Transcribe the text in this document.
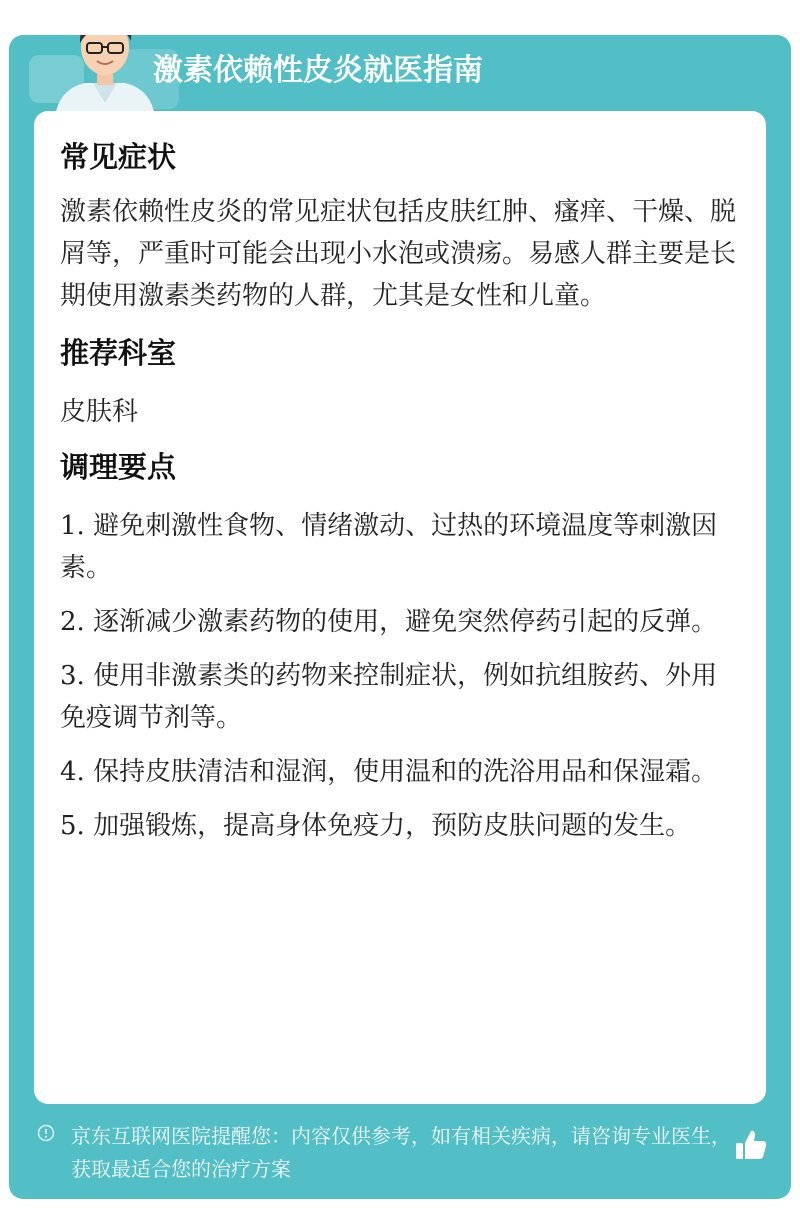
激素依赖性皮炎就医指南
京东互联网医院提醒您：内容仅供参考，如有相关疾病，请咨询专业医生，获取最适合您的治疗方案
常见症状

激素依赖性皮炎的常见症状包括皮肤红肿、瘙痒、干燥、脱屑等，严重时可能会出现小水泡或溃疡。易感人群主要是长期使用激素类药物的人群，尤其是女性和儿童。

推荐科室

皮肤科

调理要点

1. 避免刺激性食物、情绪激动、过热的环境温度等刺激因素。

2. 逐渐减少激素药物的使用，避免突然停药引起的反弹。

3. 使用非激素类的药物来控制症状，例如抗组胺药、外用免疫调节剂等。

4. 保持皮肤清洁和湿润，使用温和的洗浴用品和保湿霜。

5. 加强锻炼，提高身体免疫力，预防皮肤问题的发生。
